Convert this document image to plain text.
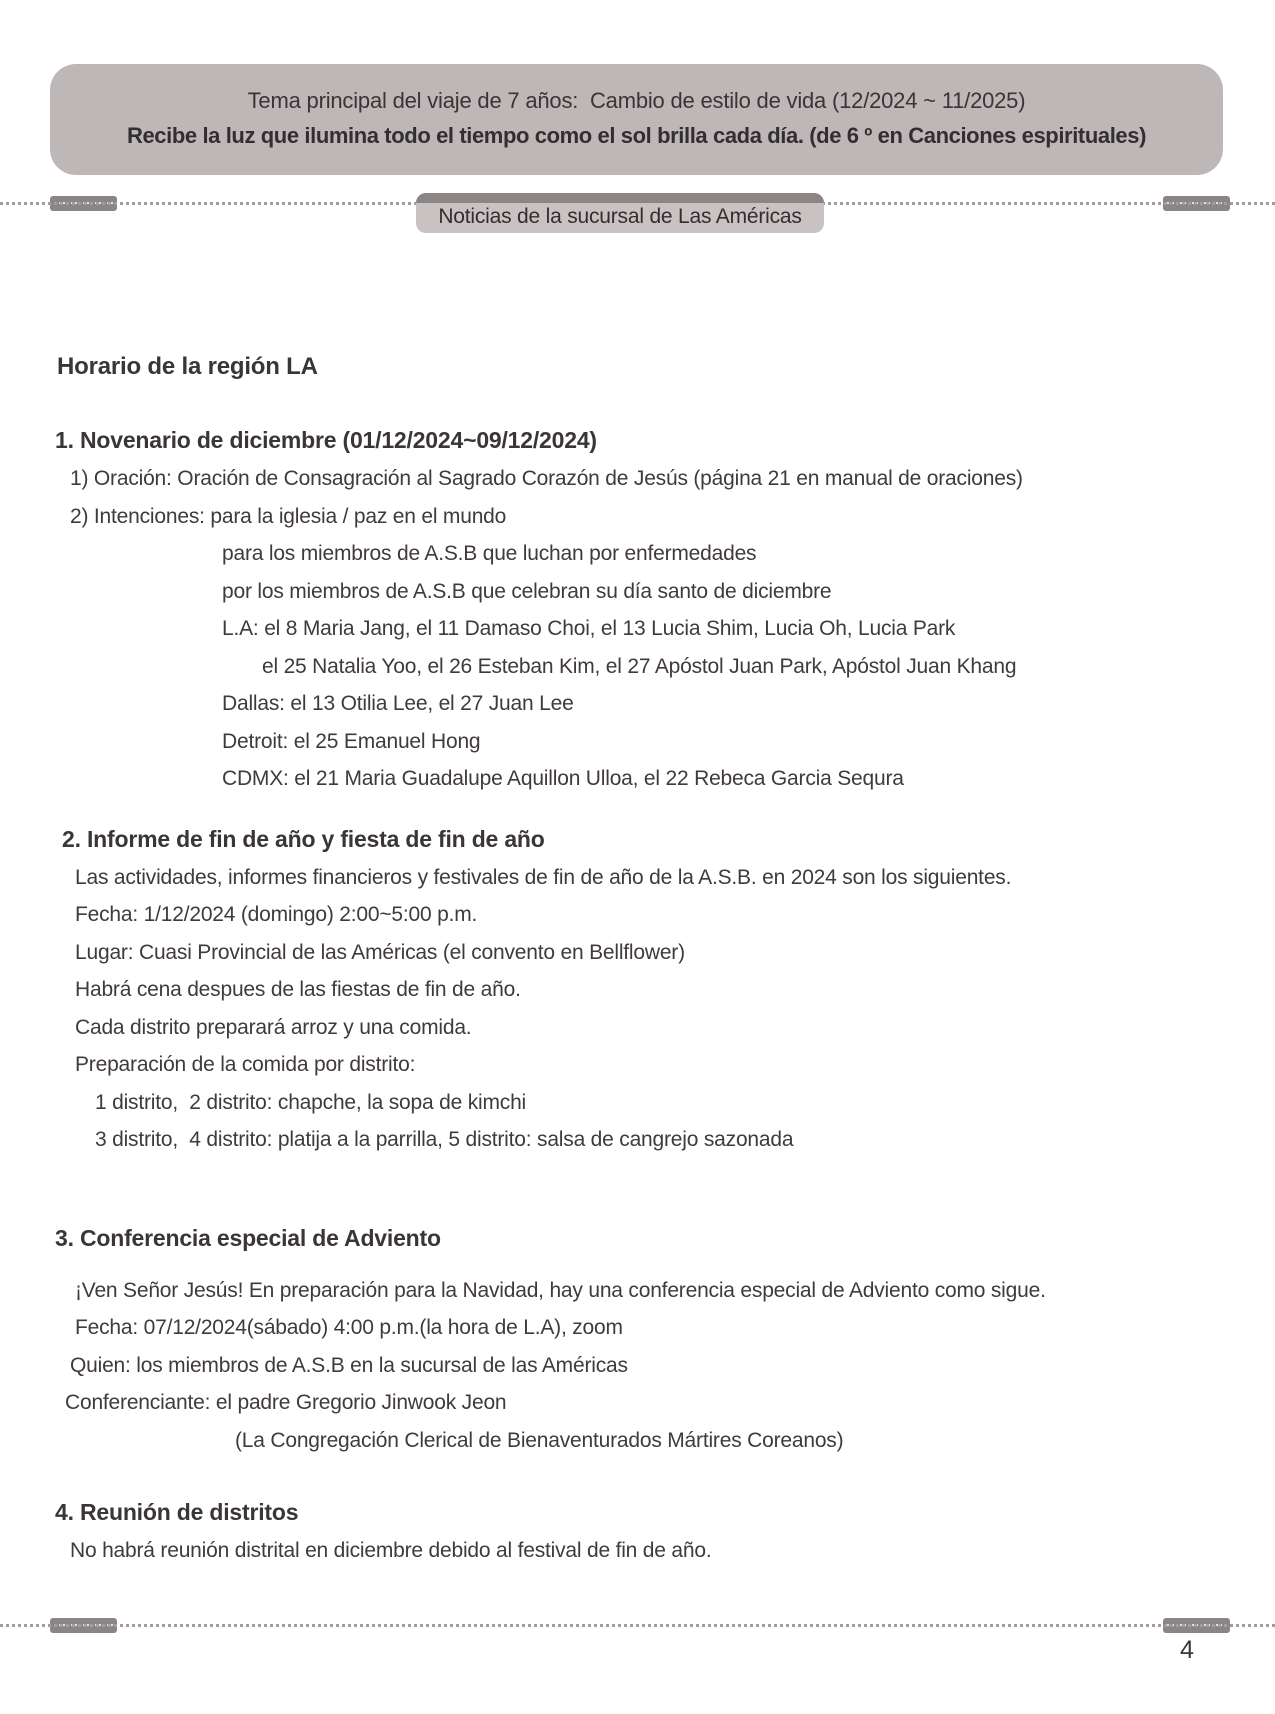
Tema principal del viaje de 7 años:  Cambio de estilo de vida (12/2024 ~ 11/2025)
Recibe la luz que ilumina todo el tiempo como el sol brilla cada día. (de 6 º en Canciones espirituales)
Noticias de la sucursal de Las Américas
Horario de la región LA
1. Novenario de diciembre (01/12/2024~09/12/2024)
1) Oración: Oración de Consagración al Sagrado Corazón de Jesús (página 21 en manual de oraciones)
2) Intenciones: para la iglesia / paz en el mundo
para los miembros de A.S.B que luchan por enfermedades
por los miembros de A.S.B que celebran su día santo de diciembre
L.A: el 8 Maria Jang, el 11 Damaso Choi, el 13 Lucia Shim, Lucia Oh, Lucia Park
el 25 Natalia Yoo, el 26 Esteban Kim, el 27 Apóstol Juan Park, Apóstol Juan Khang
Dallas: el 13 Otilia Lee, el 27 Juan Lee
Detroit: el 25 Emanuel Hong
CDMX: el 21 Maria Guadalupe Aquillon Ulloa, el 22 Rebeca Garcia Sequra
2. Informe de fin de año y fiesta de fin de año
Las actividades, informes financieros y festivales de fin de año de la A.S.B. en 2024 son los siguientes.
Fecha: 1/12/2024 (domingo) 2:00~5:00 p.m.
Lugar: Cuasi Provincial de las Américas (el convento en Bellflower)
Habrá cena despues de las fiestas de fin de año.
Cada distrito preparará arroz y una comida.
Preparación de la comida por distrito:
1 distrito,  2 distrito: chapche, la sopa de kimchi
3 distrito,  4 distrito: platija a la parrilla, 5 distrito: salsa de cangrejo sazonada
3. Conferencia especial de Adviento
¡Ven Señor Jesús! En preparación para la Navidad, hay una conferencia especial de Adviento como sigue.
Fecha: 07/12/2024(sábado) 4:00 p.m.(la hora de L.A), zoom
Quien: los miembros de A.S.B en la sucursal de las Américas
Conferenciante: el padre Gregorio Jinwook Jeon
(La Congregación Clerical de Bienaventurados Mártires Coreanos)
4. Reunión de distritos
No habrá reunión distrital en diciembre debido al festival de fin de año.
4
